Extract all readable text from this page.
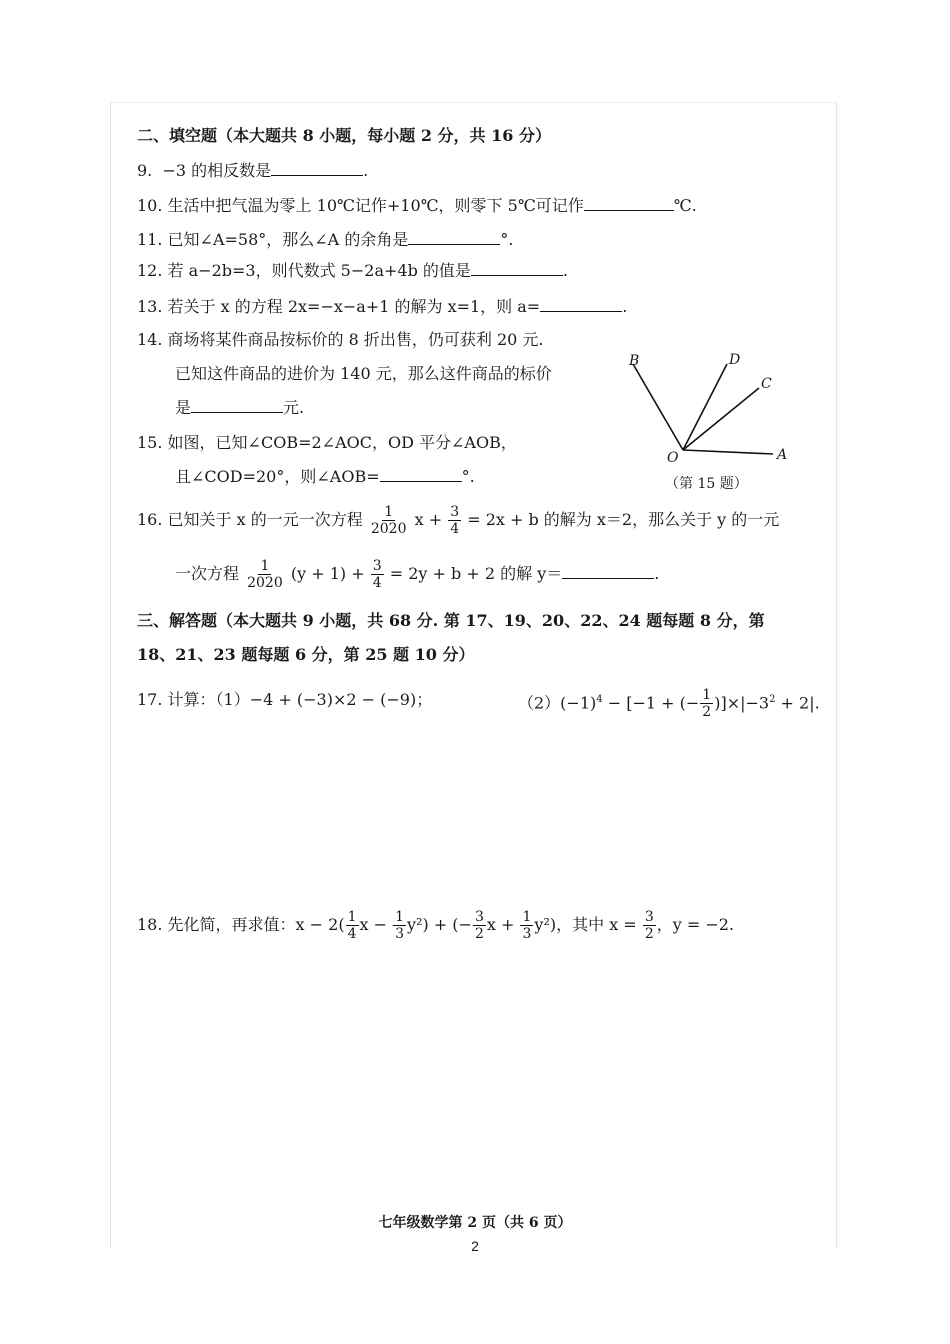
二、填空题（本大题共 8 小题，每小题 2 分，共 16 分）
9. −3 的相反数是	.
10. 生活中把气温为零上 10℃记作+10℃，则零下 5℃可记作	℃.
11. 已知∠A=58°，那么∠A 的余角是	°.
12. 若 a−2b=3，则代数式 5−2a+4b 的值是	.
13. 若关于 x 的方程 2x=−x−a+1 的解为 x=1，则 a=	.
14. 商场将某件商品按标价的 8 折出售，仍可获利 20 元.
已知这件商品的进价为 140 元，那么这件商品的标价
是	元.
15. 如图，已知∠COB=2∠AOC，OD 平分∠AOB，
且∠COD=20°，则∠AOB=	°.
B	D
C
O	A
（第 15 题）
16. 已知关于 x 的一元一次方程 $\frac{1}{2020}$ $x + \frac{3}{4} = 2x + b$ 的解为 x＝2，那么关于 y 的一元
一次方程 $\frac{1}{2020} (y + 1) + \frac{3}{4} = 2y + b + 2$ 的解 y＝	.
三、解答题（本大题共 9 小题，共 68 分. 第 17、19、20、22、24 题每题 8 分，第
18、21、23 题每题 6 分，第 25 题 10 分）
17. 计算：（1）−4 + (−3)×2 − (−9)；	$(2)(-1)^4 - [-1$ + (− $\frac{1}{2} )]\times|-3^2 + 2|$.
18. 先化简，再求值：$x - 2( \frac{1}{4}$ $x - \frac{1}{3} y^2$) + (− $\frac{3}{2}$ $x + \frac{1}{3} y^2$)，其中 $x = \frac{3}{2}$ ，y = −2.
七年级数学第 2 页（共 6 页）
2
